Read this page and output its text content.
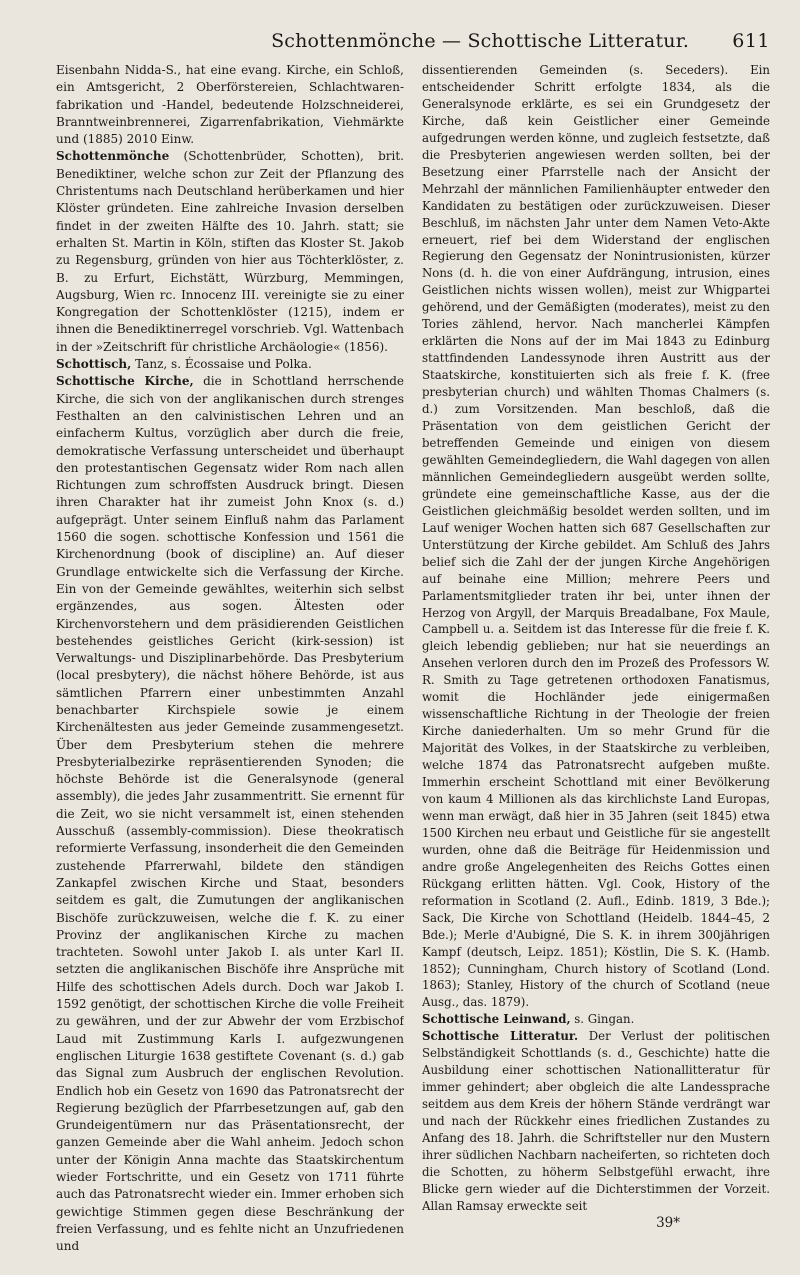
Schottenmönche — Schottische Litteratur. 611

Eisenbahn Nidda-S., hat eine evang. Kirche, ein Schloß, ein Amtsgericht, 2 Oberförstereien, Schlachtwaren-fabrikation und -Handel, bedeutende Holzschneiderei, Branntweinbrennerei, Zigarrenfabrikation, Viehmärkte und (1885) 2010 Einw.

Schottenmönche (Schottenbrüder, Schotten), brit. Benediktiner, welche schon zur Zeit der Pflanzung des Christentums nach Deutschland herüberkamen und hier Klöster gründeten. Eine zahlreiche Invasion derselben findet in der zweiten Hälfte des 10. Jahrh. statt; sie erhalten St. Martin in Köln, stiften das Kloster St. Jakob zu Regensburg, gründen von hier aus Töchterklöster, z. B. zu Erfurt, Eichstätt, Würzburg, Memmingen, Augsburg, Wien rc. Innocenz III. vereinigte sie zu einer Kongregation der Schottenklöster (1215), indem er ihnen die Benediktinerregel vorschrieb. Vgl. Wattenbach in der »Zeitschrift für christliche Archäologie« (1856).

Schottisch, Tanz, s. Écossaise und Polka.

Schottische Kirche, die in Schottland herrschende Kirche, die sich von der anglikanischen durch strenges Festhalten an den calvinistischen Lehren und an einfacherm Kultus, vorzüglich aber durch die freie, demokratische Verfassung unterscheidet und überhaupt den protestantischen Gegensatz wider Rom nach allen Richtungen zum schroffsten Ausdruck bringt. Diesen ihren Charakter hat ihr zumeist John Knox (s. d.) aufgeprägt. Unter seinem Einfluß nahm das Parlament 1560 die sogen. schottische Konfession und 1561 die Kirchenordnung (book of discipline) an. Auf dieser Grundlage entwickelte sich die Verfassung der Kirche. Ein von der Gemeinde gewähltes, weiterhin sich selbst ergänzendes, aus sogen. Ältesten oder Kirchenvorstehern und dem präsidierenden Geistlichen bestehendes geistliches Gericht (kirk-session) ist Verwaltungs- und Disziplinarbehörde. Das Presbyterium (local presbytery), die nächst höhere Behörde, ist aus sämtlichen Pfarrern einer unbestimmten Anzahl benachbarter Kirchspiele sowie je einem Kirchenältesten aus jeder Gemeinde zusammengesetzt. Über dem Presbyterium stehen die mehrere Presbyterialbezirke repräsentierenden Synoden; die höchste Behörde ist die Generalsynode (general assembly), die jedes Jahr zusammentritt. Sie ernennt für die Zeit, wo sie nicht versammelt ist, einen stehenden Ausschuß (assembly-commission). Diese theokratisch reformierte Verfassung, insonderheit die den Gemeinden zustehende Pfarrerwahl, bildete den ständigen Zankapfel zwischen Kirche und Staat, besonders seitdem es galt, die Zumutungen der anglikanischen Bischöfe zurückzuweisen, welche die f. K. zu einer Provinz der anglikanischen Kirche zu machen trachteten. Sowohl unter Jakob I. als unter Karl II. setzten die anglikanischen Bischöfe ihre Ansprüche mit Hilfe des schottischen Adels durch. Doch war Jakob I. 1592 genötigt, der schottischen Kirche die volle Freiheit zu gewähren, und der zur Abwehr der vom Erzbischof Laud mit Zustimmung Karls I. aufgezwungenen englischen Liturgie 1638 gestiftete Covenant (s. d.) gab das Signal zum Ausbruch der englischen Revolution. Endlich hob ein Gesetz von 1690 das Patronatsrecht der Regierung bezüglich der Pfarrbesetzungen auf, gab den Grundeigentümern nur das Präsentationsrecht, der ganzen Gemeinde aber die Wahl anheim. Jedoch schon unter der Königin Anna machte das Staatskirchentum wieder Fortschritte, und ein Gesetz von 1711 führte auch das Patronatsrecht wieder ein. Immer erhoben sich gewichtige Stimmen gegen diese Beschränkung der freien Verfassung, und es fehlte nicht an Unzufriedenen und

dissentierenden Gemeinden (s. Seceders). Ein entscheidender Schritt erfolgte 1834, als die Generalsynode erklärte, es sei ein Grundgesetz der Kirche, daß kein Geistlicher einer Gemeinde aufgedrungen werden könne, und zugleich festsetzte, daß die Presbyterien angewiesen werden sollten, bei der Besetzung einer Pfarrstelle nach der Ansicht der Mehrzahl der männlichen Familienhäupter entweder den Kandidaten zu bestätigen oder zurückzuweisen. Dieser Beschluß, im nächsten Jahr unter dem Namen Veto-Akte erneuert, rief bei dem Widerstand der englischen Regierung den Gegensatz der Nonintrusionisten, kürzer Nons (d. h. die von einer Aufdrängung, intrusion, eines Geistlichen nichts wissen wollen), meist zur Whigpartei gehörend, und der Gemäßigten (moderates), meist zu den Tories zählend, hervor. Nach mancherlei Kämpfen erklärten die Nons auf der im Mai 1843 zu Edinburg stattfindenden Landessynode ihren Austritt aus der Staatskirche, konstituierten sich als freie f. K. (free presbyterian church) und wählten Thomas Chalmers (s. d.) zum Vorsitzenden. Man beschloß, daß die Präsentation von dem geistlichen Gericht der betreffenden Gemeinde und einigen von diesem gewählten Gemeindegliedern, die Wahl dagegen von allen männlichen Gemeindegliedern ausgeübt werden sollte, gründete eine gemeinschaftliche Kasse, aus der die Geistlichen gleichmäßig besoldet werden sollten, und im Lauf weniger Wochen hatten sich 687 Gesellschaften zur Unterstützung der Kirche gebildet. Am Schluß des Jahrs belief sich die Zahl der der jungen Kirche Angehörigen auf beinahe eine Million; mehrere Peers und Parlamentsmitglieder traten ihr bei, unter ihnen der Herzog von Argyll, der Marquis Breadalbane, Fox Maule, Campbell u. a. Seitdem ist das Interesse für die freie f. K. gleich lebendig geblieben; nur hat sie neuerdings an Ansehen verloren durch den im Prozeß des Professors W. R. Smith zu Tage getretenen orthodoxen Fanatismus, womit die Hochländer jede einigermaßen wissenschaftliche Richtung in der Theologie der freien Kirche daniederhalten. Um so mehr Grund für die Majorität des Volkes, in der Staatskirche zu verbleiben, welche 1874 das Patronatsrecht aufgeben mußte. Immerhin erscheint Schottland mit einer Bevölkerung von kaum 4 Millionen als das kirchlichste Land Europas, wenn man erwägt, daß hier in 35 Jahren (seit 1845) etwa 1500 Kirchen neu erbaut und Geistliche für sie angestellt wurden, ohne daß die Beiträge für Heidenmission und andre große Angelegenheiten des Reichs Gottes einen Rückgang erlitten hätten. Vgl. Cook, History of the reformation in Scotland (2. Aufl., Edinb. 1819, 3 Bde.); Sack, Die Kirche von Schottland (Heidelb. 1844–45, 2 Bde.); Merle d'Aubigné, Die S. K. in ihrem 300jährigen Kampf (deutsch, Leipz. 1851); Köstlin, Die S. K. (Hamb. 1852); Cunningham, Church history of Scotland (Lond. 1863); Stanley, History of the church of Scotland (neue Ausg., das. 1879).

Schottische Leinwand, s. Gingan.

Schottische Litteratur. Der Verlust der politischen Selbständigkeit Schottlands (s. d., Geschichte) hatte die Ausbildung einer schottischen Nationallitteratur für immer gehindert; aber obgleich die alte Landessprache seitdem aus dem Kreis der höhern Stände verdrängt war und nach der Rückkehr eines friedlichen Zustandes zu Anfang des 18. Jahrh. die Schriftsteller nur den Mustern ihrer südlichen Nachbarn nacheiferten, so richteten doch die Schotten, zu höherm Selbstgefühl erwacht, ihre Blicke gern wieder auf die Dichterstimmen der Vorzeit. Allan Ramsay erweckte seit

39*
